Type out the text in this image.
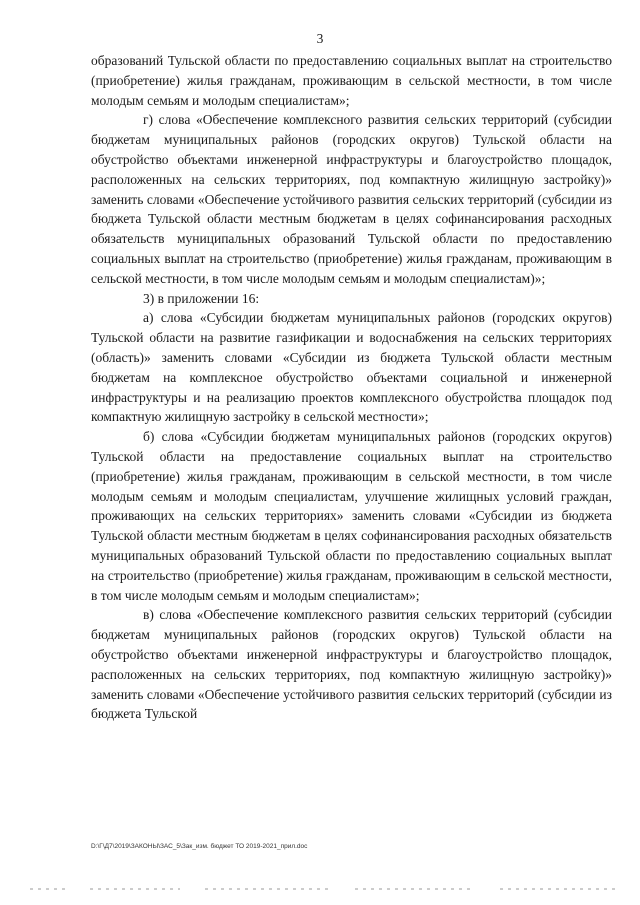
3

образований Тульской области по предоставлению социальных выплат на строительство (приобретение) жилья гражданам, проживающим в сельской местности, в том числе молодым семьям и молодым специалистам»;

г) слова «Обеспечение комплексного развития сельских территорий (субсидии бюджетам муниципальных районов (городских округов) Тульской области на обустройство объектами инженерной инфраструктуры и благоустройство площадок, расположенных на сельских территориях, под компактную жилищную застройку)» заменить словами «Обеспечение устойчивого развития сельских территорий (субсидии из бюджета Тульской области местным бюджетам в целях софинансирования расходных обязательств муниципальных образований Тульской области по предоставлению социальных выплат на строительство (приобретение) жилья гражданам, проживающим в сельской местности, в том числе молодым семьям и молодым специалистам)»;

3) в приложении 16:

а) слова «Субсидии бюджетам муниципальных районов (городских округов) Тульской области на развитие газификации и водоснабжения на сельских территориях (область)» заменить словами «Субсидии из бюджета Тульской области местным бюджетам на комплексное обустройство объектами социальной и инженерной инфраструктуры и на реализацию проектов комплексного обустройства площадок под компактную жилищную застройку в сельской местности»;

б) слова «Субсидии бюджетам муниципальных районов (городских округов) Тульской области на предоставление социальных выплат на строительство (приобретение) жилья гражданам, проживающим в сельской местности, в том числе молодым семьям и молодым специалистам, улучшение жилищных условий граждан, проживающих на сельских территориях» заменить словами «Субсидии из бюджета Тульской области местным бюджетам в целях софинансирования расходных обязательств муниципальных образований Тульской области по предоставлению социальных выплат на строительство (приобретение) жилья гражданам, проживающим в сельской местности, в том числе молодым семьям и молодым специалистам»;

в) слова «Обеспечение комплексного развития сельских территорий (субсидии бюджетам муниципальных районов (городских округов) Тульской области на обустройство объектами инженерной инфраструктуры и благоустройство площадок, расположенных на сельских территориях, под компактную жилищную застройку)» заменить словами «Обеспечение устойчивого развития сельских территорий (субсидии из бюджета Тульской

D:\Г\Д7\2019\ЗАКОНЫ\ЗАС_5\Зак_изм. бюджет ТО 2019-2021_прил.doc
